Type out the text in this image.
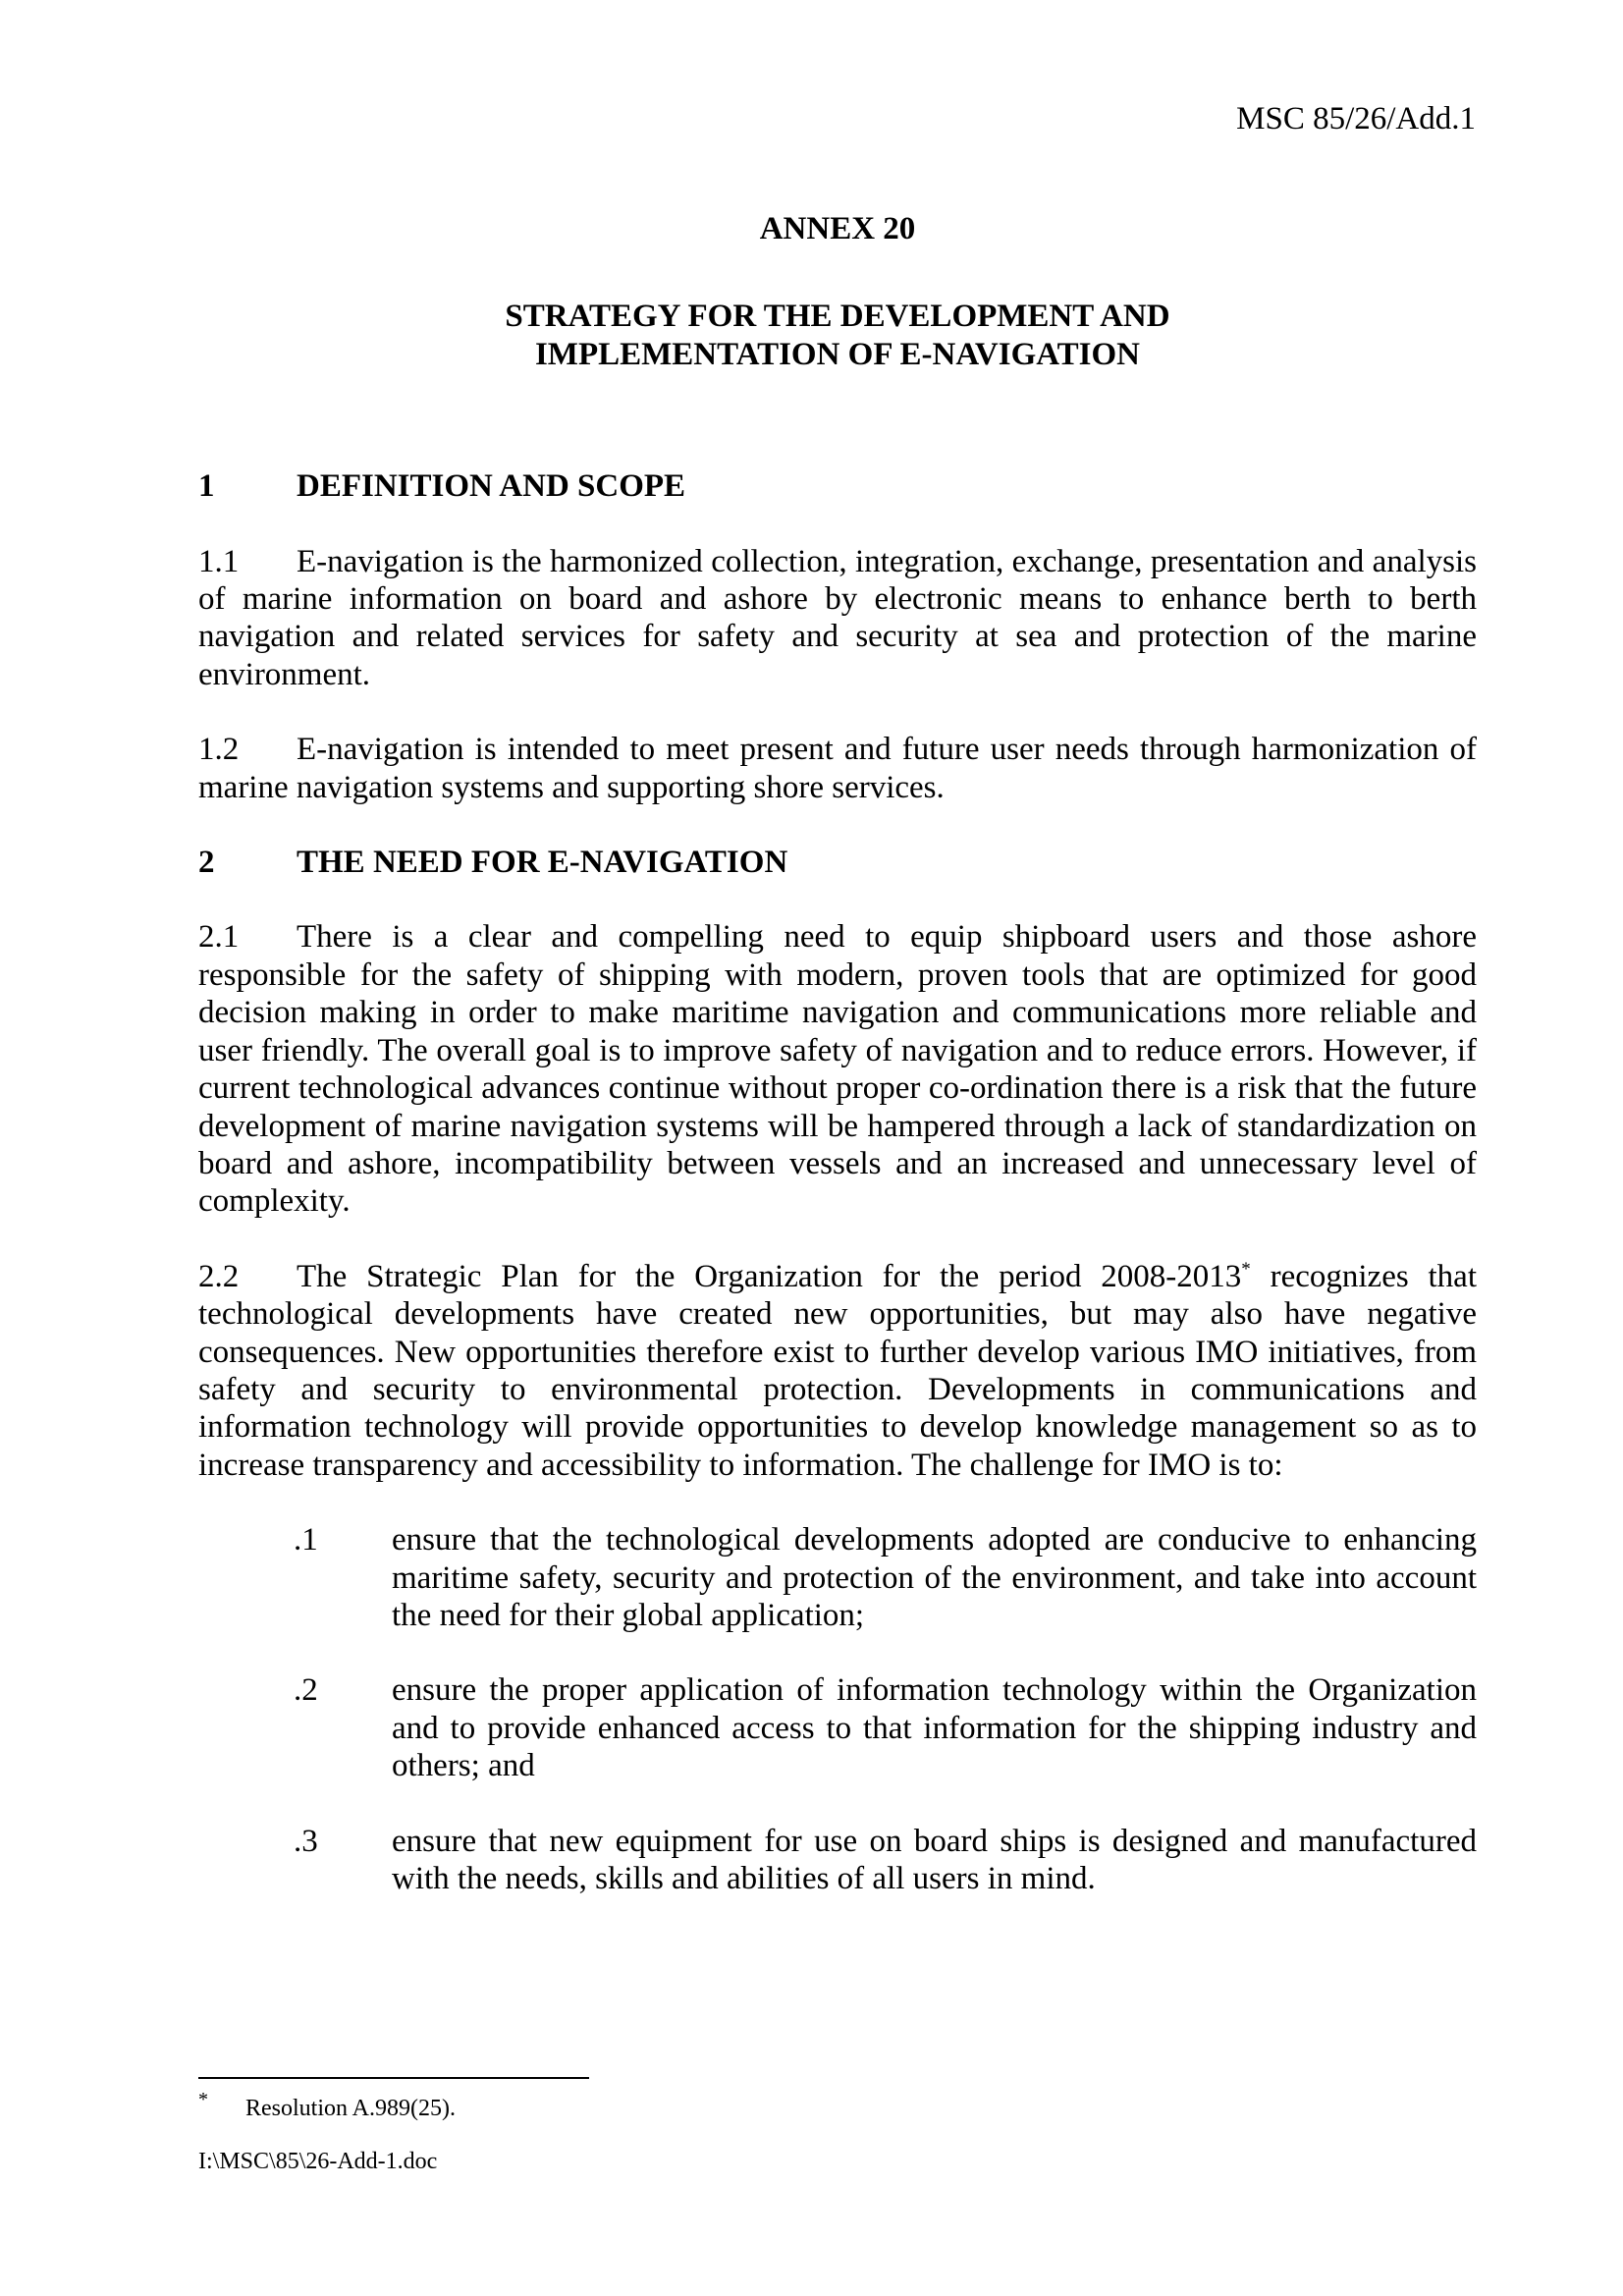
MSC 85/26/Add.1

ANNEX 20

STRATEGY FOR THE DEVELOPMENT AND
IMPLEMENTATION OF E-NAVIGATION

1	DEFINITION AND SCOPE

1.1 E-navigation is the harmonized collection, integration, exchange, presentation and analysis of marine information on board and ashore by electronic means to enhance berth to berth navigation and related services for safety and security at sea and protection of the marine environment.

1.2 E-navigation is intended to meet present and future user needs through harmonization of marine navigation systems and supporting shore services.

2	THE NEED FOR E-NAVIGATION

2.1 There is a clear and compelling need to equip shipboard users and those ashore responsible for the safety of shipping with modern, proven tools that are optimized for good decision making in order to make maritime navigation and communications more reliable and user friendly. The overall goal is to improve safety of navigation and to reduce errors. However, if current technological advances continue without proper co-ordination there is a risk that the future development of marine navigation systems will be hampered through a lack of standardization on board and ashore, incompatibility between vessels and an increased and unnecessary level of complexity.

2.2 The Strategic Plan for the Organization for the period 2008-2013* recognizes that technological developments have created new opportunities, but may also have negative consequences. New opportunities therefore exist to further develop various IMO initiatives, from safety and security to environmental protection. Developments in communications and information technology will provide opportunities to develop knowledge management so as to increase transparency and accessibility to information. The challenge for IMO is to:

.1	ensure that the technological developments adopted are conducive to enhancing maritime safety, security and protection of the environment, and take into account the need for their global application;
.2	ensure the proper application of information technology within the Organization and to provide enhanced access to that information for the shipping industry and others; and
.3	ensure that new equipment for use on board ships is designed and manufactured with the needs, skills and abilities of all users in mind.

*	Resolution A.989(25).

I:\MSC\85\26-Add-1.doc
